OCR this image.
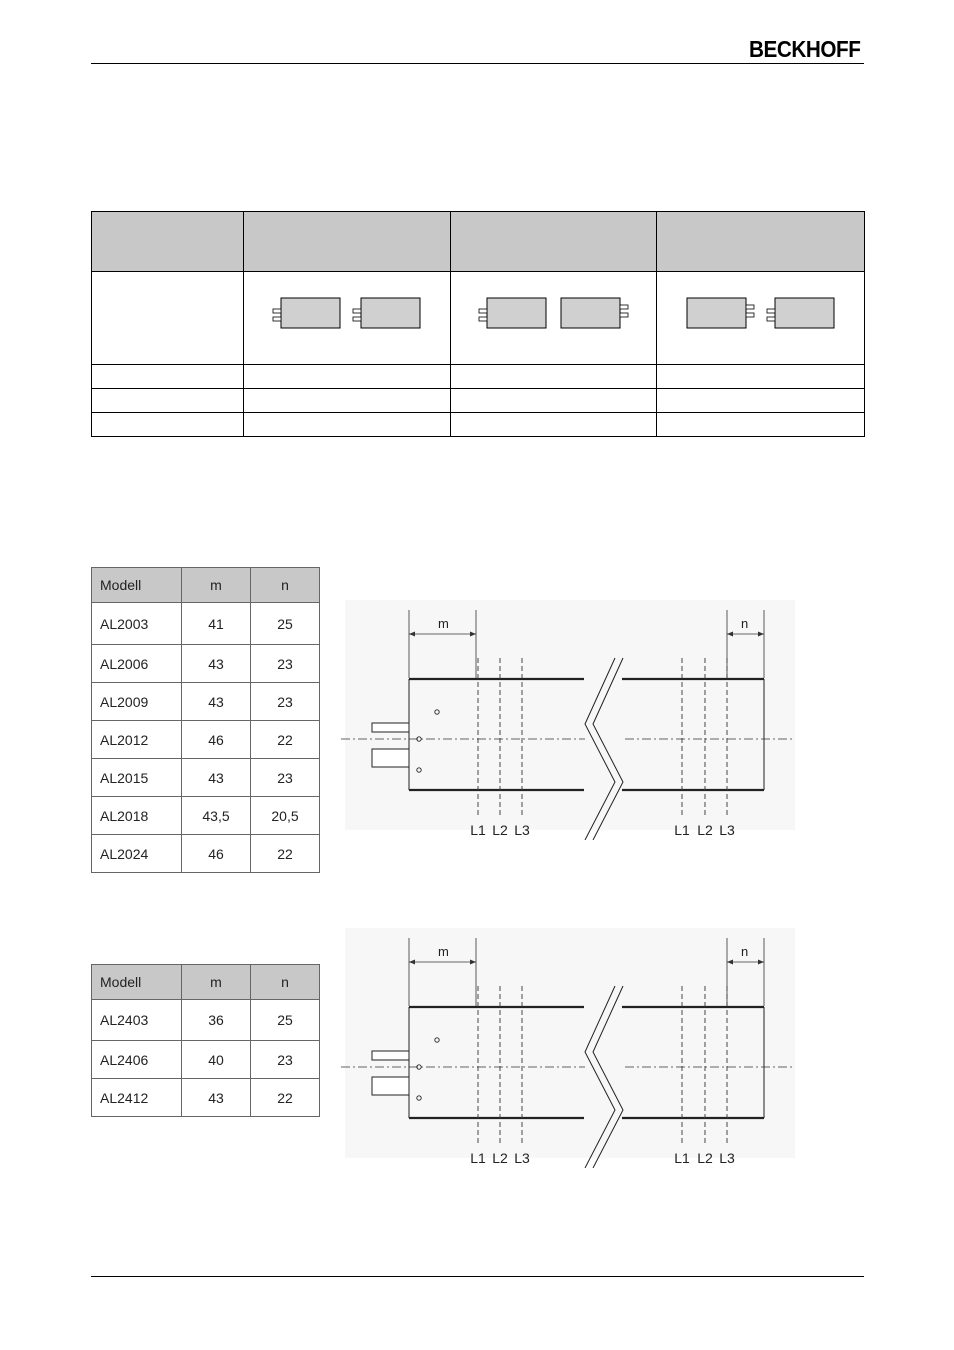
BECKHOFF

Modell	m	n
AL2003	41	25
AL2006	43	23
AL2009	43	23
AL2012	46	22
AL2015	43	23
AL2018	43,5	20,5
AL2024	46	22
Modell	m	n
AL2403	36	25
AL2406	40	23
AL2412	43	22
m	n
L1 L2 L3	L1 L2 L3
m	n
L1 L2 L3	L1 L2 L3
